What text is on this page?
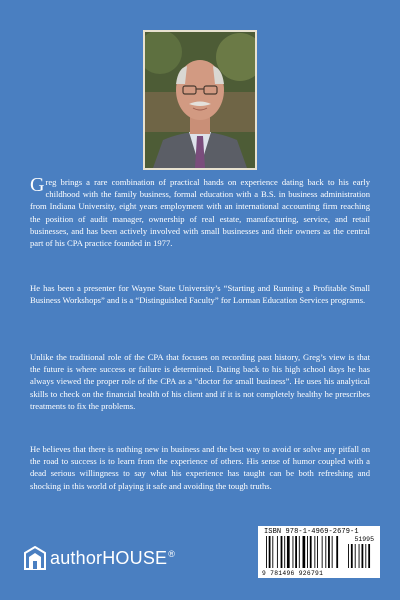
Greg brings a rare combination of practical hands on experience dating back to his early childhood with the family business, formal education with a B.S. in business administration from Indiana University, eight years employment with an international accounting firm reaching the position of audit manager, ownership of real estate, manufacturing, service, and retail businesses, and has been actively involved with small businesses and their owners as the central part of his CPA practice founded in 1977.

He has been a presenter for Wayne State University’s “Starting and Running a Profitable Small Business Workshops” and is a “Distinguished Faculty” for Lorman Education Services programs.

Unlike the traditional role of the CPA that focuses on recording past history, Greg’s view is that the future is where success or failure is determined. Dating back to his high school days he has always viewed the proper role of the CPA as a “doctor for small business”. He uses his analytical skills to check on the financial health of his client and if it is not completely healthy he prescribes treatments to fix the problems.

He believes that there is nothing new in business and the best way to avoid or solve any pitfall on the road to success is to learn from the experience of others. His sense of humor coupled with a dead serious willingness to say what his experience has taught can be both refreshing and shocking in this world of playing it safe and avoiding the tough truths.

authorHOUSE®
ISBN 978-1-4969-2679-1
51995
9 781496 926791
